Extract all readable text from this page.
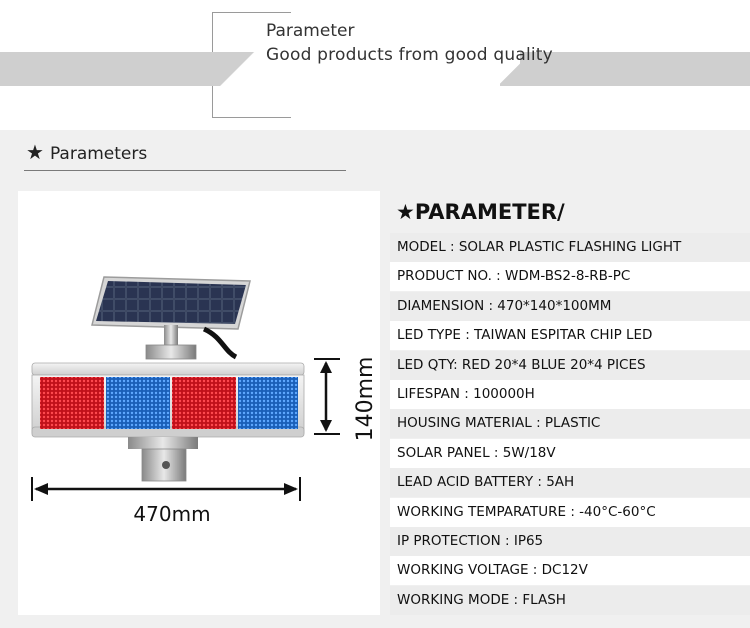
Parameter
Good products from good quality
★ Parameters
470mm
140mm
★PARAMETER/
MODEL : SOLAR PLASTIC FLASHING LIGHT
PRODUCT NO. : WDM-BS2-8-RB-PC
DIAMENSION : 470*140*100MM
LED TYPE : TAIWAN ESPITAR CHIP LED
LED QTY: RED 20*4 BLUE 20*4 PICES
LIFESPAN : 100000H
HOUSING MATERIAL : PLASTIC
SOLAR PANEL : 5W/18V
LEAD ACID BATTERY : 5AH
WORKING TEMPARATURE : -40°C-60°C
IP PROTECTION : IP65
WORKING VOLTAGE : DC12V
WORKING MODE : FLASH
